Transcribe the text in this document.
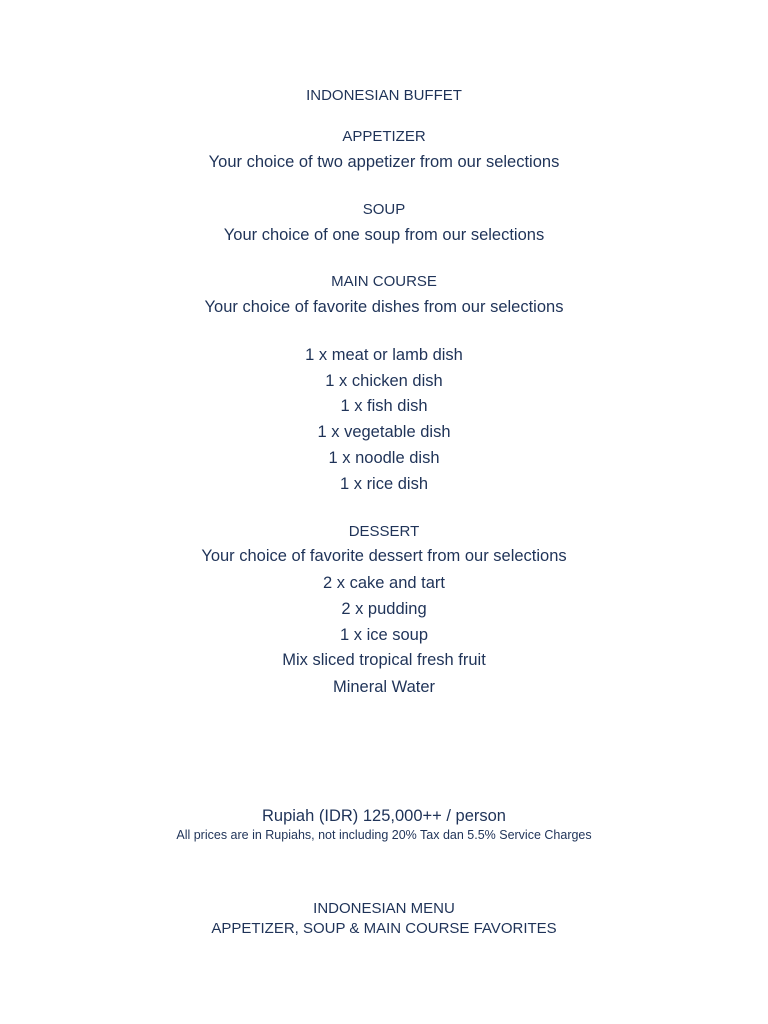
INDONESIAN BUFFET
APPETIZER
Your choice of two appetizer from our selections
SOUP
Your choice of one soup from our selections
MAIN COURSE
Your choice of favorite dishes from our selections
1 x meat or lamb dish
1 x chicken dish
1 x fish dish
1 x vegetable dish
1 x noodle dish
1 x rice dish
DESSERT
Your choice of favorite dessert from our selections
2 x cake and tart
2 x pudding
1 x ice soup
Mix sliced tropical fresh fruit
Mineral Water
Rupiah (IDR) 125,000++ / person
All prices are in Rupiahs, not including 20% Tax dan 5.5% Service Charges
INDONESIAN MENU
APPETIZER, SOUP & MAIN COURSE FAVORITES
